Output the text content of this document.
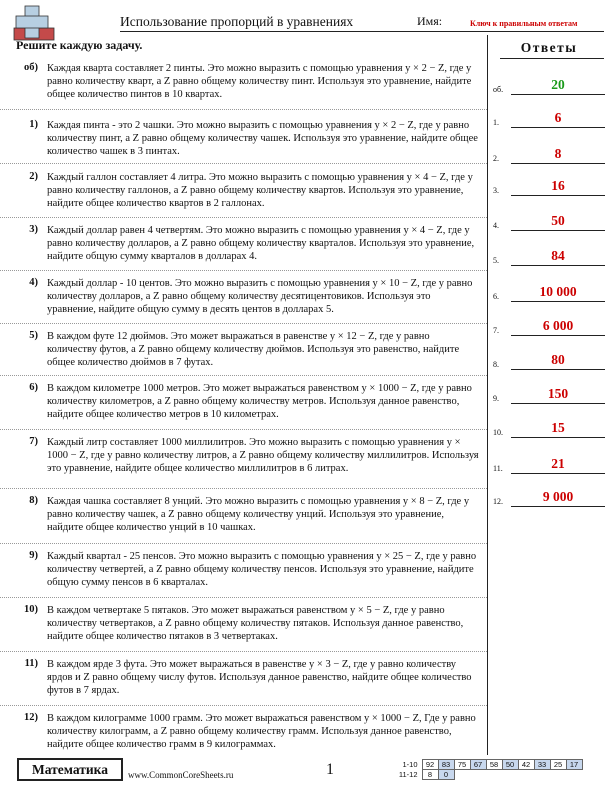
Использование пропорций в уравнениях	Имя:	Ключ к правильным ответам
Решите каждую задачу.	Ответы
об) Каждая кварта составляет 2 пинты. Это можно выразить с помощью уравнения y × 2 − Z, где y равно количеству кварт, а Z равно общему количеству пинт. Используя это уравнение, найдите общее количество пинтов в 10 квартах.
1) Каждая пинта - это 2 чашки. Это можно выразить с помощью уравнения y × 2 − Z, где y равно количеству пинт, а Z равно общему количеству чашек. Используя это уравнение, найдите общее количество чашек в 3 пинтах.
2) Каждый галлон составляет 4 литра. Это можно выразить с помощью уравнения y × 4 − Z, где y равно количеству галлонов, а Z равно общему количеству квартов. Используя это уравнение, найдите общее количество квартов в 2 галлонах.
3) Каждый доллар равен 4 четвертям. Это можно выразить с помощью уравнения y × 4 − Z, где y равно количеству долларов, а Z равно общему количеству кварталов. Используя это уравнение, найдите общую сумму кварталов в долларах 4.
4) Каждый доллар - 10 центов. Это можно выразить с помощью уравнения y × 10 − Z, где y равно количеству долларов, а Z равно общему количеству десятицентовиков. Используя это уравнение, найдите общую сумму в десять центов в долларах 5.
5) В каждом футе 12 дюймов. Это может выражаться в равенстве y × 12 − Z, где y равно количеству футов, а Z равно общему количеству дюймов. Используя это равенство, найдите общее количество дюймов в 7 футах.
6) В каждом километре 1000 метров. Это может выражаться равенством y × 1000 − Z, где y равно количеству километров, а Z равно общему количеству метров. Используя данное равенство, найдите общее количество метров в 10 километрах.
7) Каждый литр составляет 1000 миллилитров. Это можно выразить с помощью уравнения y × 1000 − Z, где y равно количеству литров, а Z равно общему количеству миллилитров. Используя это уравнение, найдите общее количество миллилитров в 6 литрах.
8) Каждая чашка составляет 8 унций. Это можно выразить с помощью уравнения y × 8 − Z, где y равно количеству чашек, а Z равно общему количеству унций. Используя это уравнение, найдите общее количество унций в 10 чашках.
9) Каждый квартал - 25 пенсов. Это можно выразить с помощью уравнения y × 25 − Z, где y равно количеству четвертей, а Z равно общему количеству пенсов. Используя это уравнение, найдите общую сумму пенсов в 6 кварталах.
10) В каждом четвертаке 5 пятаков. Это может выражаться равенством y × 5 − Z, где y равно количеству четвертаков, а Z равно общему количеству пятаков. Используя данное равенство, найдите общее количество пятаков в 3 четвертаках.
11) В каждом ярде 3 фута. Это может выражаться в равенстве y × 3 − Z, где y равно количеству ярдов и Z равно общему числу футов. Используя данное равенство, найдите общее количество футов в 7 ярдах.
12) В каждом килограмме 1000 грамм. Это может выражаться равенством y × 1000 − Z, Где y равно количеству килограмм, а Z равно общему количеству грамм. Используя данное равенство, найдите общее количество грамм в 9 килограммах.
об.	20
1.	6
2.	8
3.	16
4.	50
5.	84
6.	10 000
7.	6 000
8.	80
9.	150
10.	15
11.	21
12.	9 000
Математика	www.CommonCoreSheets.ru	1	1-10	92	83	75	67	58	50	42	33	25	17
11-12	8	0								
